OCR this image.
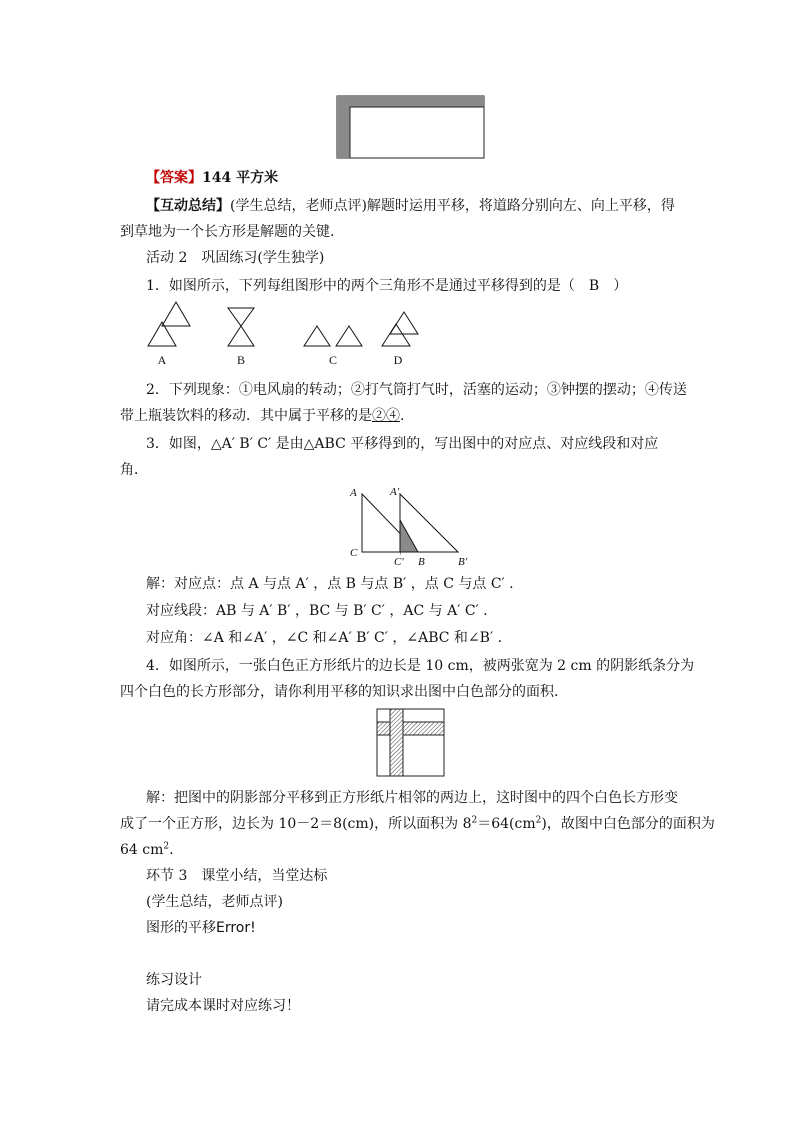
【答案】144 平方米
【互动总结】(学生总结，老师点评)解题时运用平移，将道路分别向左、向上平移，得
到草地为一个长方形是解题的关键.
活动 2　巩固练习(学生独学)
1．如图所示，下列每组图形中的两个三角形不是通过平移得到的是（　B　）
A	B	C	D
2．下列现象：①电风扇的转动；②打气筒打气时，活塞的运动；③钟摆的摆动；④传送
带上瓶装饮料的移动．其中属于平移的是②④.
3．如图，△A′ B′ C′ 是由△ABC 平移得到的，写出图中的对应点、对应线段和对应
角．
A	A′
C
C′ B	B′
解：对应点：点 A 与点 A′ ，点 B 与点 B′ ，点 C 与点 C′ .
对应线段：AB 与 A′ B′ ，BC 与 B′ C′ ，AC 与 A′ C′ .
对应角：∠A 和∠A′ ，∠C 和∠A′ B′ C′ ，∠ABC 和∠B′ .
4．如图所示，一张白色正方形纸片的边长是 10 cm，被两张宽为 2 cm 的阴影纸条分为
四个白色的长方形部分，请你利用平移的知识求出图中白色部分的面积．
解：把图中的阴影部分平移到正方形纸片相邻的两边上，这时图中的四个白色长方形变
成了一个正方形，边长为 10－2＝8(cm)，所以面积为 $8^2=64(cm^2)$，故图中白色部分的面积为
64 $cm^2$.
环节 3　课堂小结，当堂达标
(学生总结，老师点评)
图形的平移Error!
练习设计
请完成本课时对应练习！
